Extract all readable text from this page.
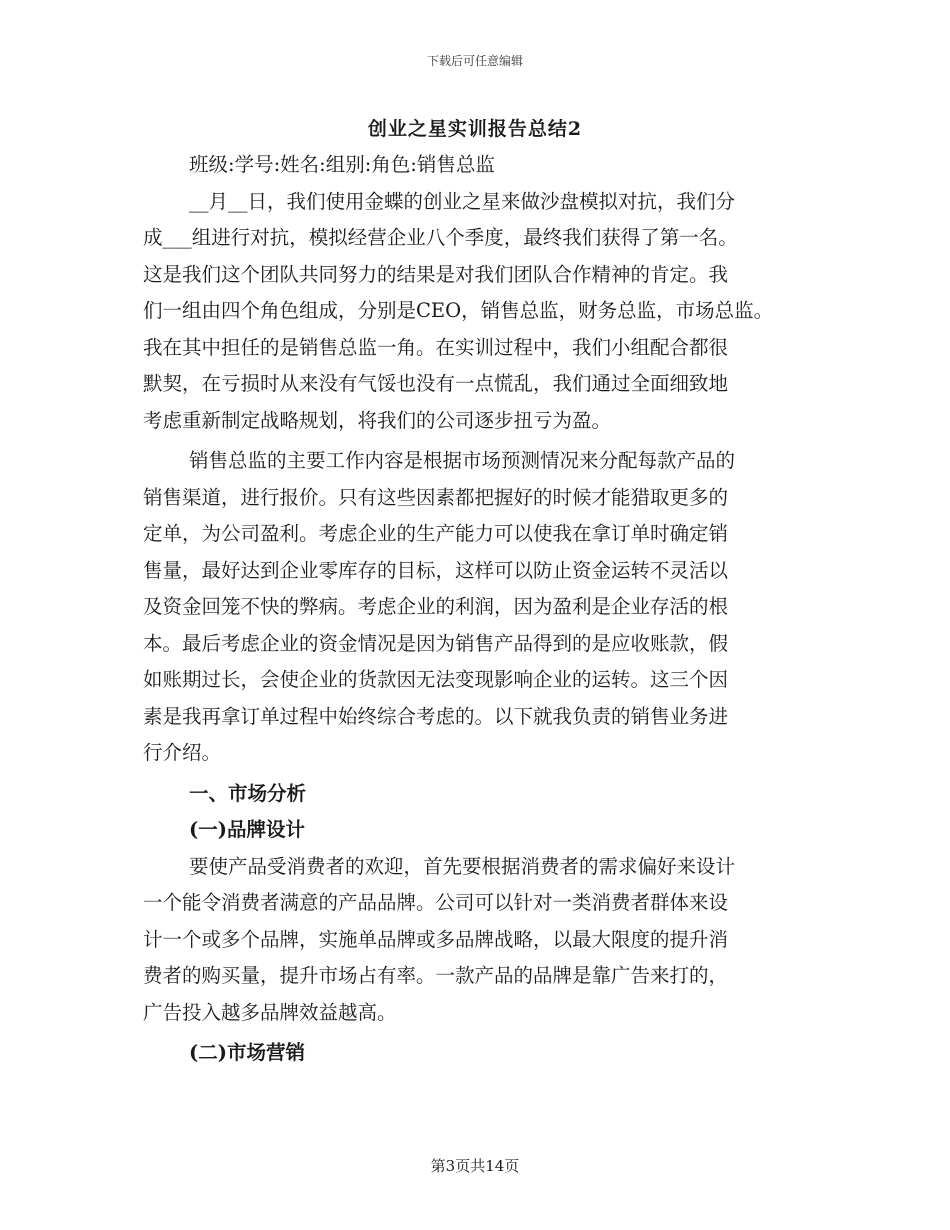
下载后可任意编辑
创业之星实训报告总结2
班级:学号:姓名:组别:角色:销售总监
__月__日，我们使用金蝶的创业之星来做沙盘模拟对抗，我们分
成___组进行对抗，模拟经营企业八个季度，最终我们获得了第一名。
这是我们这个团队共同努力的结果是对我们团队合作精神的肯定。我
们一组由四个角色组成，分别是CEO，销售总监，财务总监，市场总监。
我在其中担任的是销售总监一角。在实训过程中，我们小组配合都很
默契，在亏损时从来没有气馁也没有一点慌乱，我们通过全面细致地
考虑重新制定战略规划，将我们的公司逐步扭亏为盈。
销售总监的主要工作内容是根据市场预测情况来分配每款产品的
销售渠道，进行报价。只有这些因素都把握好的时候才能猎取更多的
定单，为公司盈利。考虑企业的生产能力可以使我在拿订单时确定销
售量，最好达到企业零库存的目标，这样可以防止资金运转不灵活以
及资金回笼不快的弊病。考虑企业的利润，因为盈利是企业存活的根
本。最后考虑企业的资金情况是因为销售产品得到的是应收账款，假
如账期过长，会使企业的货款因无法变现影响企业的运转。这三个因
素是我再拿订单过程中始终综合考虑的。以下就我负责的销售业务进
行介绍。
一、市场分析
(一)品牌设计
要使产品受消费者的欢迎，首先要根据消费者的需求偏好来设计
一个能令消费者满意的产品品牌。公司可以针对一类消费者群体来设
计一个或多个品牌，实施单品牌或多品牌战略，以最大限度的提升消
费者的购买量，提升市场占有率。一款产品的品牌是靠广告来打的，
广告投入越多品牌效益越高。
(二)市场营销
第3页共14页
